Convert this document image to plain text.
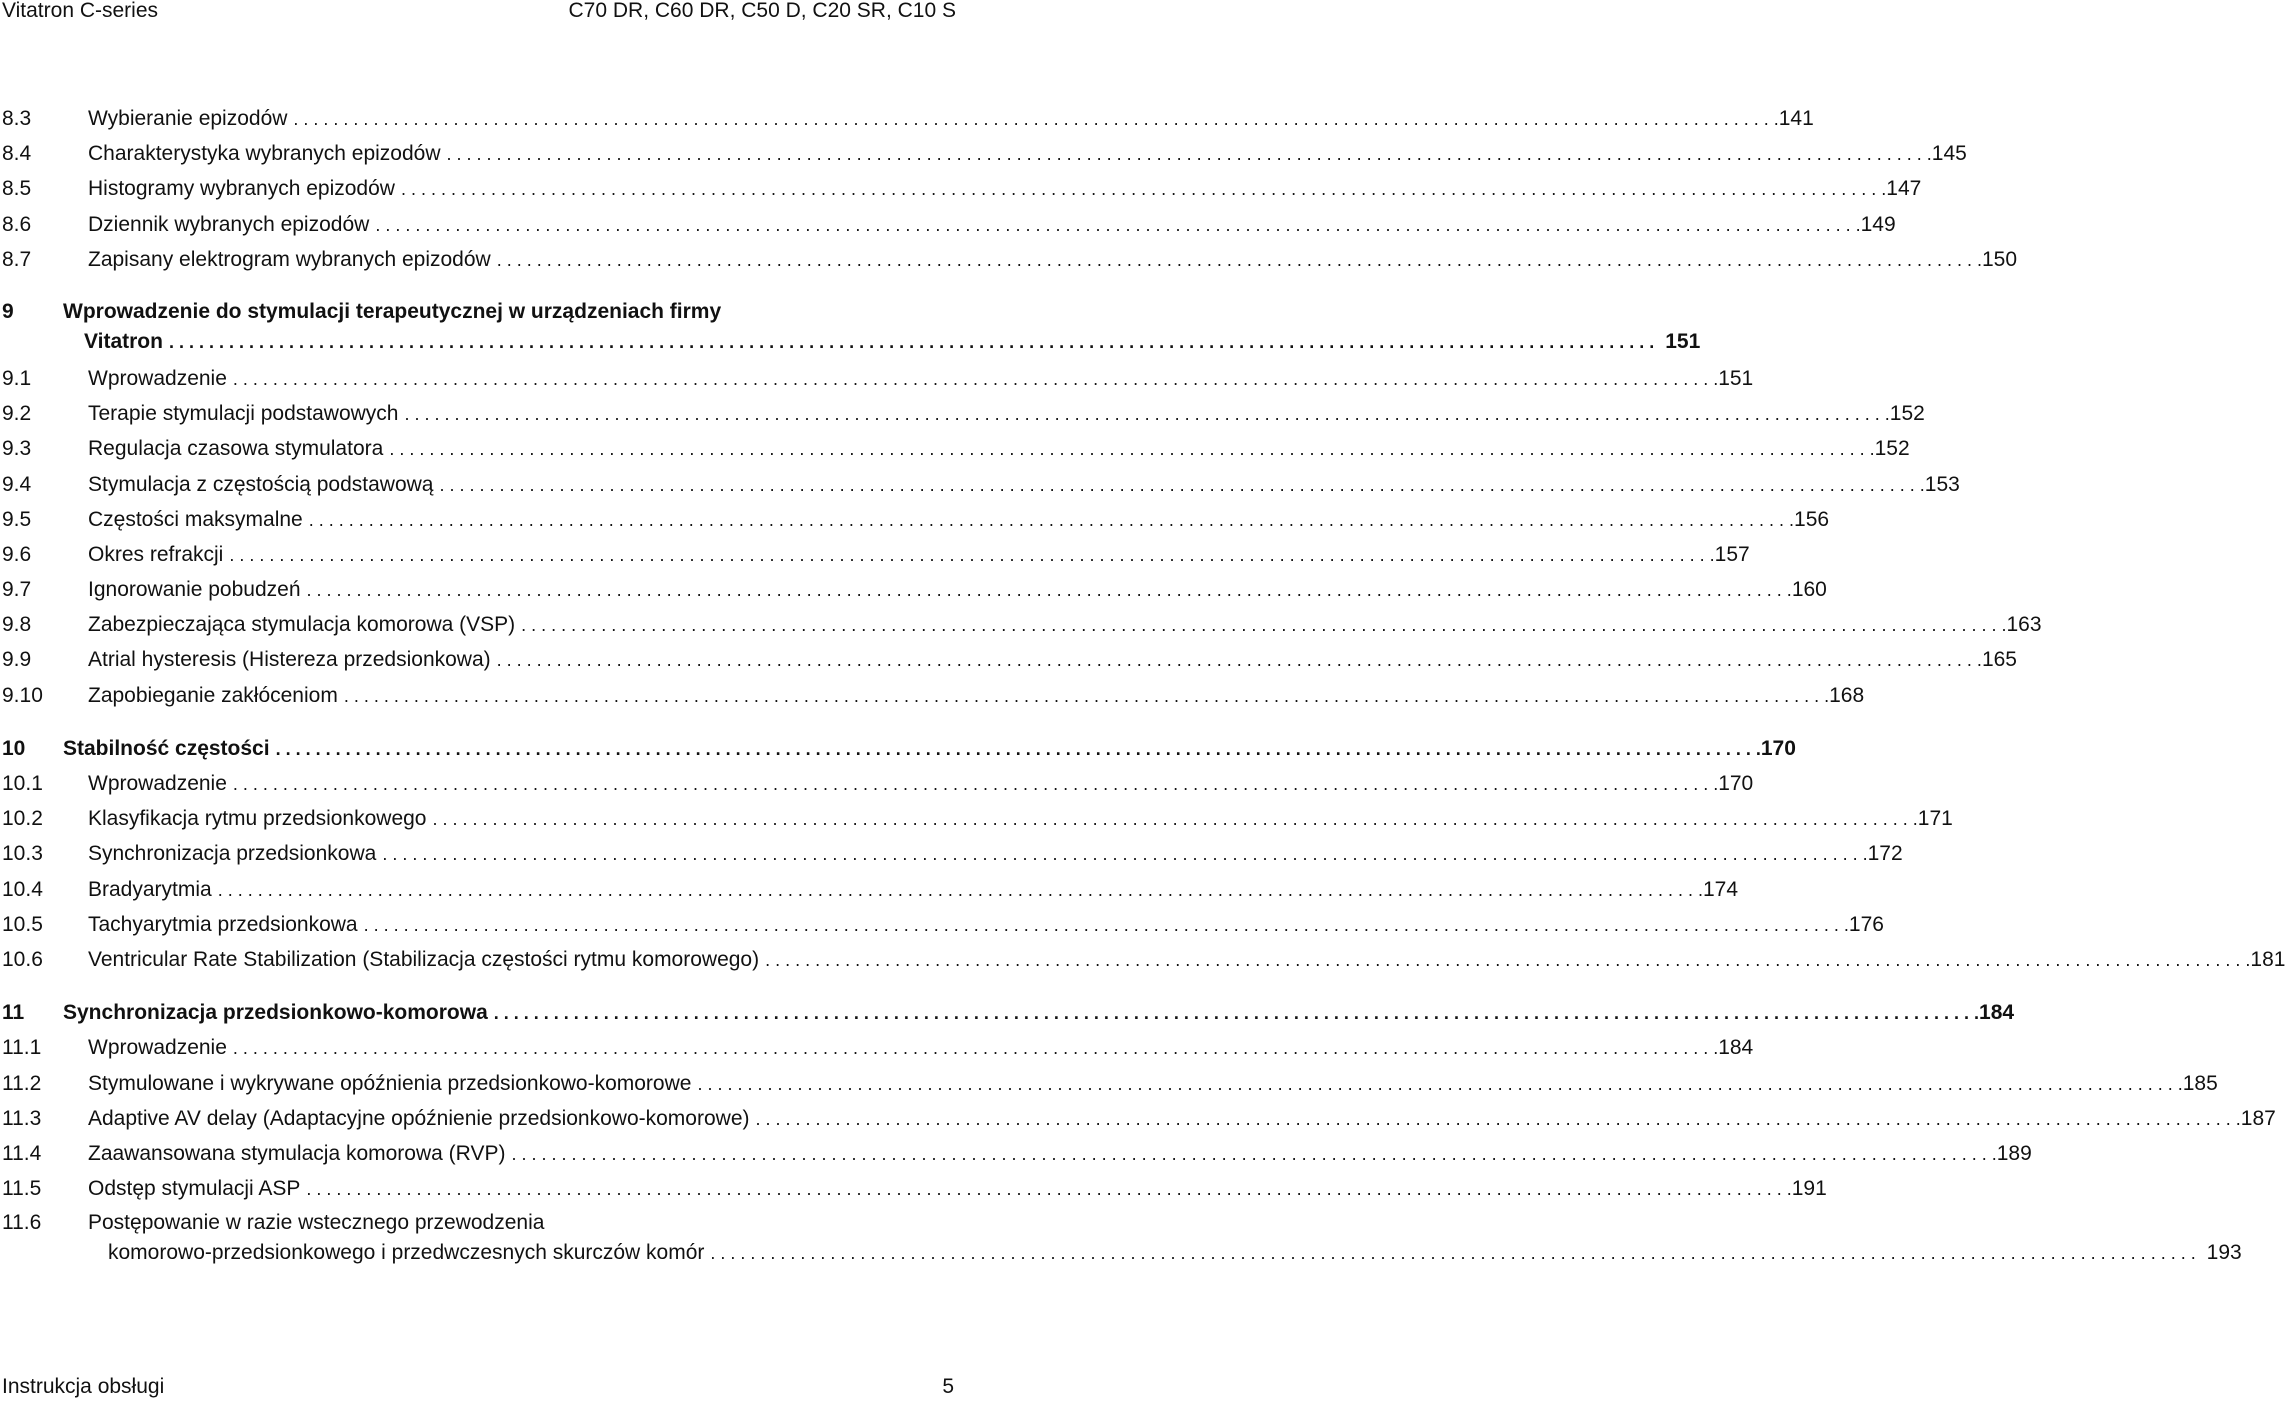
Vitatron C-series	C70 DR, C60 DR, C50 D, C20 SR, C10 S
8.3	Wybieranie epizodów . . .	141
8.4	Charakterystyka wybranych epizodów . . .	145
8.5	Histogramy wybranych epizodów . . .	147
8.6	Dziennik wybranych epizodów . . .	149
8.7	Zapisany elektrogram wybranych epizodów . . .	150
9	Wprowadzenie do stymulacji terapeutycznej w urządzeniach firmy
Vitatron . . .	151
9.1	Wprowadzenie . . .	151
9.2	Terapie stymulacji podstawowych . . .	152
9.3	Regulacja czasowa stymulatora . . .	152
9.4	Stymulacja z częstością podstawową . . .	153
9.5	Częstości maksymalne . . .	156
9.6	Okres refrakcji . . .	157
9.7	Ignorowanie pobudzeń . . .	160
9.8	Zabezpieczająca stymulacja komorowa (VSP) . . .	163
9.9	Atrial hysteresis (Histereza przedsionkowa) . . .	165
9.10	Zapobieganie zakłóceniom . . .	168
10	Stabilność częstości . . .	170
10.1	Wprowadzenie . . .	170
10.2	Klasyfikacja rytmu przedsionkowego . . .	171
10.3	Synchronizacja przedsionkowa . . .	172
10.4	Bradyarytmia . . .	174
10.5	Tachyarytmia przedsionkowa . . .	176
10.6	Ventricular Rate Stabilization (Stabilizacja częstości rytmu komorowego) . . .	181
11	Synchronizacja przedsionkowo-komorowa . . .	184
11.1	Wprowadzenie . . .	184
11.2	Stymulowane i wykrywane opóźnienia przedsionkowo-komorowe . . .	185
11.3	Adaptive AV delay (Adaptacyjne opóźnienie przedsionkowo-komorowe) . . .	187
11.4	Zaawansowana stymulacja komorowa (RVP) . . .	189
11.5	Odstęp stymulacji ASP . . .	191
11.6	Postępowanie w razie wstecznego przewodzenia
komorowo-przedsionkowego i przedwczesnych skurczów komór . . .	193
Instrukcja obsługi	5
